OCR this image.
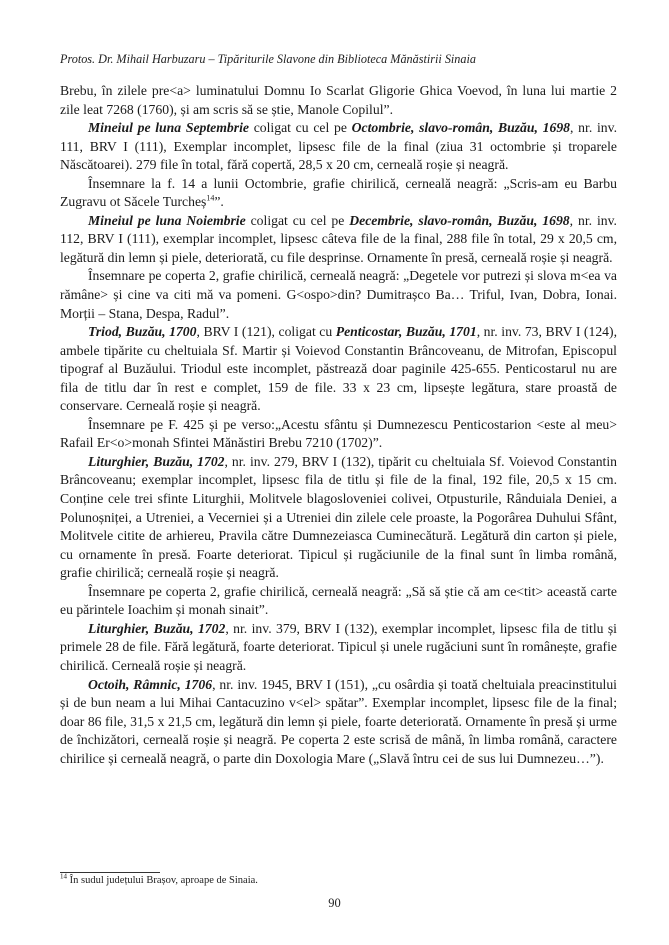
Protos. Dr. Mihail Harbuzaru – Tipăriturile Slavone din Biblioteca Mănăstirii Sinaia

Brebu, în zilele pre<a> luminatului Domnu Io Scarlat Gligorie Ghica Voevod, în luna lui martie 2 zile leat 7268 (1760), și am scris să se știe, Manole Copilul”.

Mineiul pe luna Septembrie coligat cu cel pe Octombrie, slavo-român, Buzău, 1698, nr. inv. 111, BRV I (111), Exemplar incomplet, lipsesc file de la final (ziua 31 octombrie și troparele Născătoarei). 279 file în total, fără copertă, 28,5 x 20 cm, cerneală roșie și neagră.

Însemnare la f. 14 a lunii Octombrie, grafie chirilică, cerneală neagră: „Scris-am eu Barbu Zugravu ot Săcele Turcheș$^{14}$”.

Mineiul pe luna Noiembrie coligat cu cel pe Decembrie, slavo-român, Buzău, 1698, nr. inv. 112, BRV I (111), exemplar incomplet, lipsesc câteva file de la final, 288 file în total, 29 x 20,5 cm, legătură din lemn și piele, deteriorată, cu file desprinse. Ornamente în presă, cerneală roșie și neagră.

Însemnare pe coperta 2, grafie chirilică, cerneală neagră: „Degetele vor putrezi și slova m<ea va rămâne> și cine va citi mă va pomeni. G<ospo>din? Dumitrașco Ba… Triful, Ivan, Dobra, Ionai. Morții – Stana, Despa, Radul”.

Triod, Buzău, 1700, BRV I (121), coligat cu Penticostar, Buzău, 1701, nr. inv. 73, BRV I (124), ambele tipărite cu cheltuiala Sf. Martir și Voievod Constantin Brâncoveanu, de Mitrofan, Episcopul tipograf al Buzăului. Triodul este incomplet, păstrează doar paginile 425-655. Penticostarul nu are fila de titlu dar în rest e complet, 159 de file. 33 x 23 cm, lipsește legătura, stare proastă de conservare. Cerneală roșie și neagră.

Însemnare pe F. 425 și pe verso:„Acestu sfântu și Dumnezescu Penticostarion <este al meu> Rafail Er<o>monah Sfintei Mănăstiri Brebu 7210 (1702)”.

Liturghier, Buzău, 1702, nr. inv. 279, BRV I (132), tipărit cu cheltuiala Sf. Voievod Constantin Brâncoveanu; exemplar incomplet, lipsesc fila de titlu și file de la final, 192 file, 20,5 x 15 cm. Conține cele trei sfinte Liturghii, Molitvele blagosloveniei colivei, Otpusturile, Rânduiala Deniei, a Polunoșniței, a Utreniei, a Vecerniei și a Utreniei din zilele cele proaste, la Pogorârea Duhului Sfânt, Molitvele citite de arhiereu, Pravila către Dumnezeiasca Cuminecătură. Legătură din carton și piele, cu ornamente în presă. Foarte deteriorat. Tipicul și rugăciunile de la final sunt în limba română, grafie chirilică; cerneală roșie și neagră.

Însemnare pe coperta 2, grafie chirilică, cerneală neagră: „Să să știe că am ce<tit> această carte eu părintele Ioachim și monah sinait”.

Liturghier, Buzău, 1702, nr. inv. 379, BRV I (132), exemplar incomplet, lipsesc fila de titlu și primele 28 de file. Fără legătură, foarte deteriorat. Tipicul și unele rugăciuni sunt în românește, grafie chirilică. Cerneală roșie și neagră.

Octoih, Râmnic, 1706, nr. inv. 1945, BRV I (151), „cu osârdia și toată cheltuiala preacinstitului și de bun neam a lui Mihai Cantacuzino v<el> spătar”. Exemplar incomplet, lipsesc file de la final; doar 86 file, 31,5 x 21,5 cm, legătură din lemn și piele, foarte deteriorată. Ornamente în presă și urme de închizători, cerneală roșie și neagră. Pe coperta 2 este scrisă de mână, în limba română, caractere chirilice și cerneală neagră, o parte din Doxologia Mare („Slavă întru cei de sus lui Dumnezeu…”).

$^{14}$ În sudul județului Brașov, aproape de Sinaia.
90
